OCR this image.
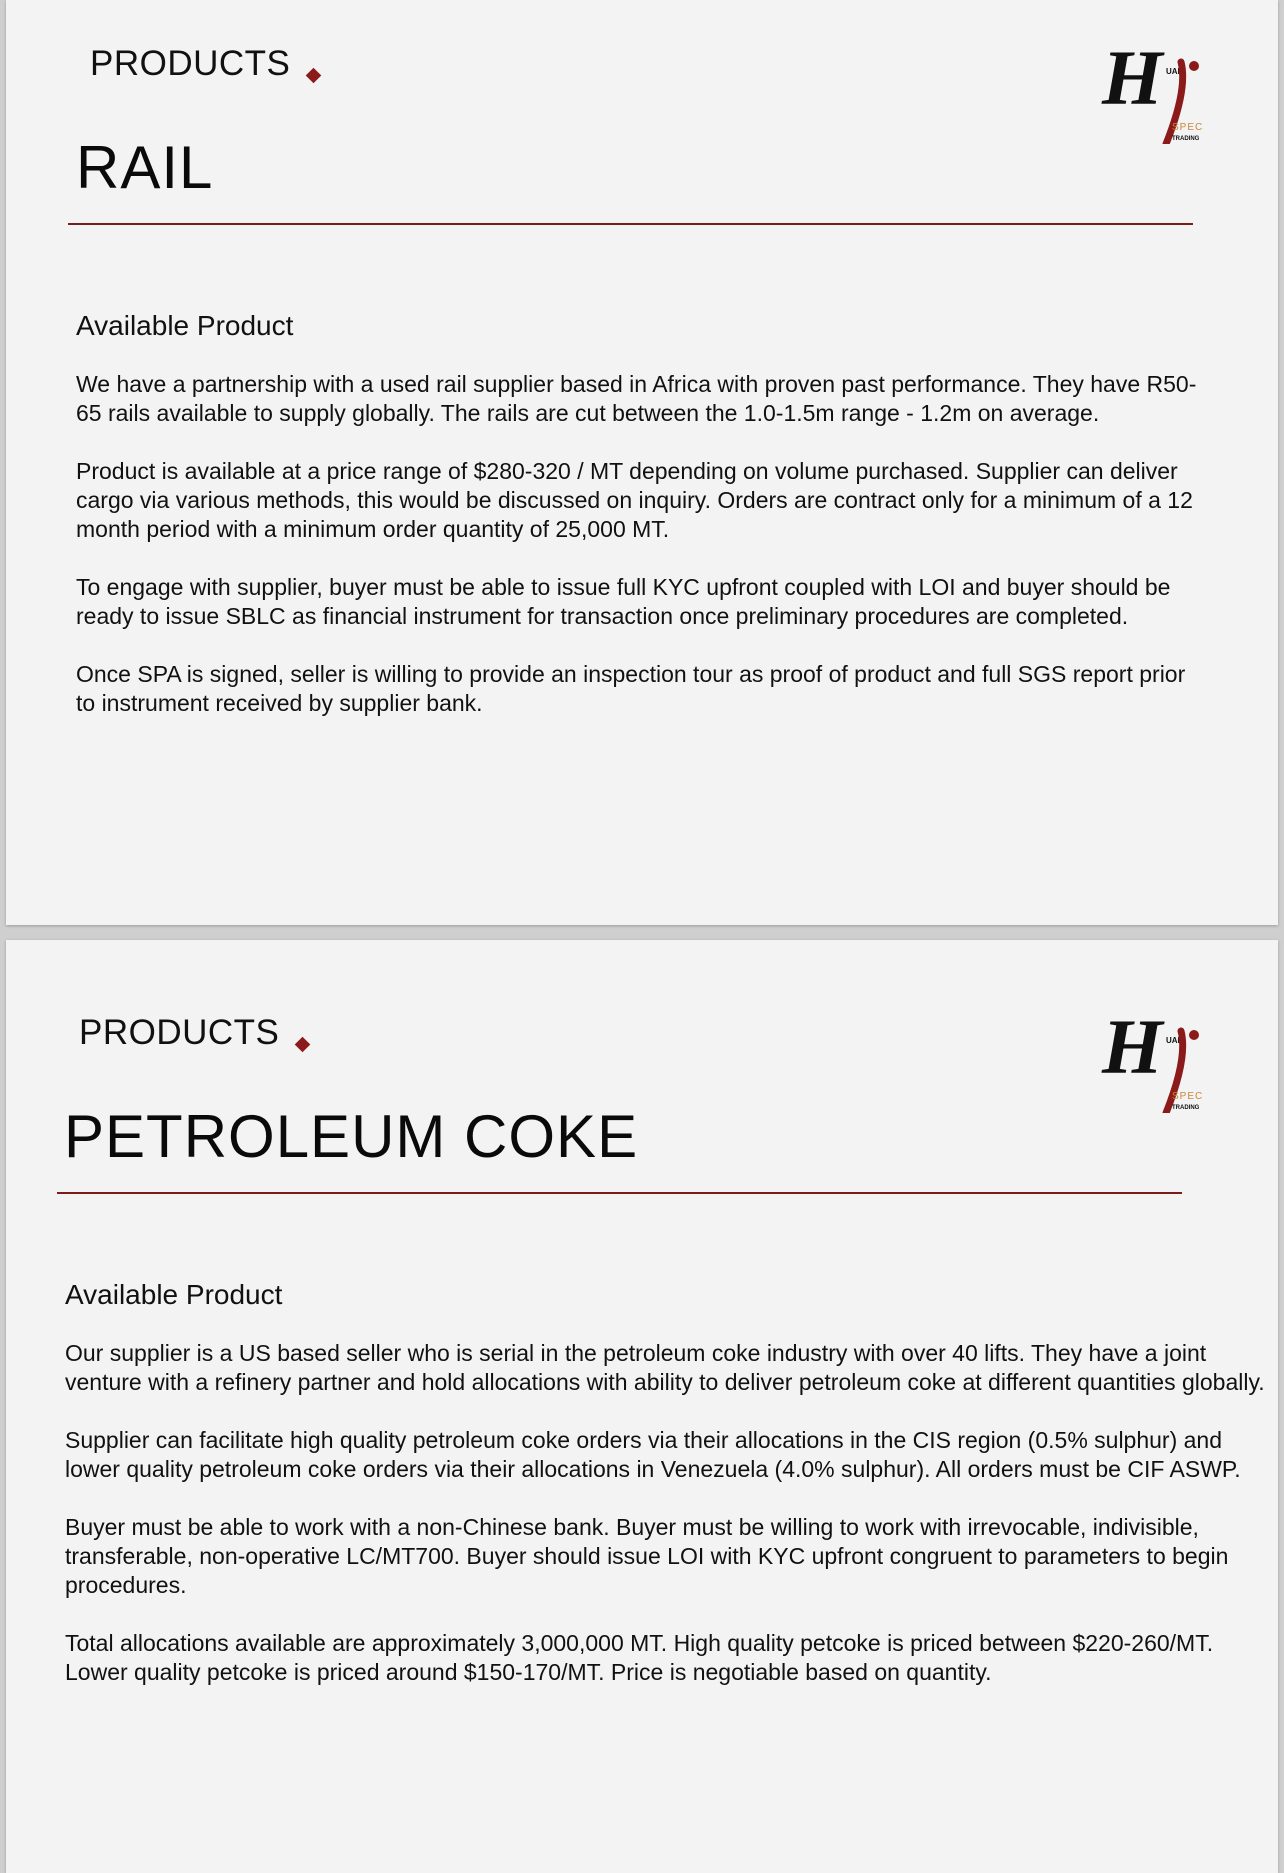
PRODUCTS
RAIL
H UAE
SPEC
TRADING
Available Product

We have a partnership with a used rail supplier based in Africa with proven past performance. They have R50-65 rails available to supply globally. The rails are cut between the 1.0-1.5m range - 1.2m on average.

Product is available at a price range of $280-320 / MT depending on volume purchased. Supplier can deliver cargo via various methods, this would be discussed on inquiry. Orders are contract only for a minimum of a 12 month period with a minimum order quantity of 25,000 MT.

To engage with supplier, buyer must be able to issue full KYC upfront coupled with LOI and buyer should be ready to issue SBLC as financial instrument for transaction once preliminary procedures are completed.

Once SPA is signed, seller is willing to provide an inspection tour as proof of product and full SGS report prior to instrument received by supplier bank.

PRODUCTS
PETROLEUM COKE
H UAE
SPEC
TRADING
Available Product

Our supplier is a US based seller who is serial in the petroleum coke industry with over 40 lifts. They have a joint venture with a refinery partner and hold allocations with ability to deliver petroleum coke at different quantities globally.

Supplier can facilitate high quality petroleum coke orders via their allocations in the CIS region (0.5% sulphur) and lower quality petroleum coke orders via their allocations in Venezuela (4.0% sulphur). All orders must be CIF ASWP.

Buyer must be able to work with a non-Chinese bank. Buyer must be willing to work with irrevocable, indivisible, transferable, non-operative LC/MT700. Buyer should issue LOI with KYC upfront congruent to parameters to begin procedures.

Total allocations available are approximately 3,000,000 MT. High quality petcoke is priced between $220-260/MT. Lower quality petcoke is priced around $150-170/MT. Price is negotiable based on quantity.
